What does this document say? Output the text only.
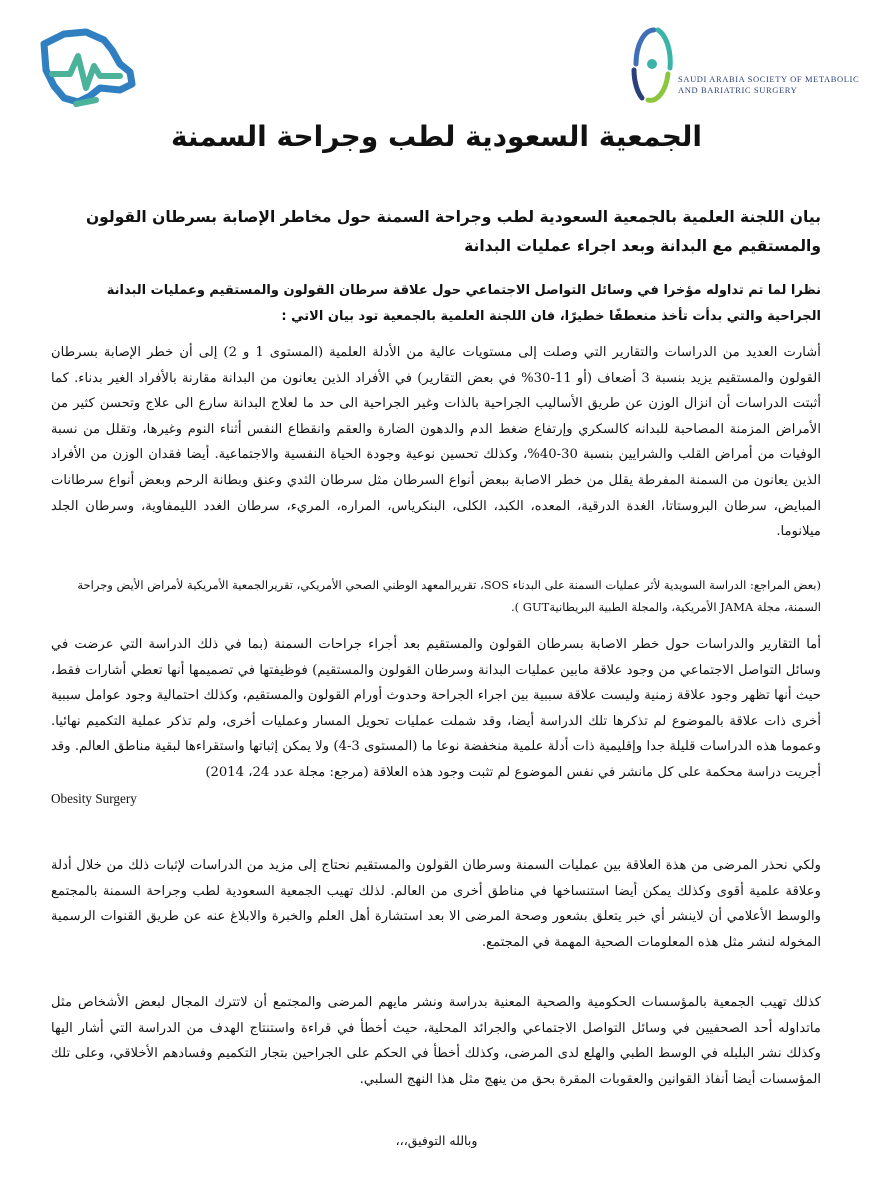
SAUDI ARABIA SOCIETY OF METABOLIC
AND BARIATRIC SURGERY
الجمعية السعودية لطب وجراحة السمنة
بيان اللجنة العلمية بالجمعية السعودية لطب وجراحة السمنة حول مخاطر الإصابة بسرطان القولون والمستقيم مع البدانة وبعد اجراء عمليات البدانة
نظرا لما تم تداوله مؤخرا في وسائل التواصل الاجتماعي حول علاقة سرطان القولون والمستقيم وعمليات البدانة الجراحية والتي بدأت تأخذ منعطفًا خطيرًا، فان اللجنة العلمية بالجمعية تود بيان الاتي :
أشارت العديد من الدراسات والتقارير التي وصلت إلى مستويات عالية من الأدلة العلمية (المستوى 1 و 2) إلى أن خطر الإصابة بسرطان القولون والمستقيم يزيد بنسبة 3 أضعاف (أو 11-30% في بعض التقارير) في الأفراد الذين يعانون من البدانة مقارنة بالأفراد الغير بدناء. كما أثبتت الدراسات أن انزال الوزن عن طريق الأساليب الجراحية بالذات وغير الجراحية الى حد ما لعلاج البدانة سارع الى علاج وتحسن كثير من الأمراض المزمنة المصاحبة للبدانه كالسكري وإرتفاع ضغط الدم والدهون الضارة والعقم وانقطاع النفس أثناء النوم وغيرها، وتقلل من نسبة الوفيات من أمراض القلب والشرايين بنسبة 30-40%، وكذلك تحسين نوعية وجودة الحياة النفسية والاجتماعية. أيضا فقدان الوزن من الأفراد الذين يعانون من السمنة المفرطة يقلل من خطر الاصابة ببعض أنواع السرطان مثل سرطان الثدي وعنق وبطانة الرحم وبعض أنواع سرطانات المبايض، سرطان البروستاتا، الغدة الدرقية، المعده، الكبد، الكلى، البنكرياس، المراره، المريء، سرطان الغدد الليمفاوية، وسرطان الجلد ميلانوما.
(بعض المراجع: الدراسة السويدية لأثر عمليات السمنة على البدناء SOS، تقريرالمعهد الوطني الصحي الأمريكي، تقريرالجمعية الأمريكية لأمراض الأيض وجراحة السمنة، مجلة JAMA الأمريكية، والمجلة الطبية البريطانيةGUT ).
أما التقارير والدراسات حول خطر الاصابة بسرطان القولون والمستقيم بعد أجراء جراحات السمنة (بما في ذلك الدراسة التي عرضت في وسائل التواصل الاجتماعي من وجود علاقة مابين عمليات البدانة وسرطان القولون والمستقيم) فوظيفتها في تصميمها أنها تعطي أشارات فقط، حيث أنها تظهر وجود علاقة زمنية وليست علاقة سببية بين اجراء الجراحة وحدوث أورام القولون والمستقيم، وكذلك احتمالية وجود عوامل سببية أخرى ذات علاقة بالموضوع لم تذكرها تلك الدراسة أيضا، وقد شملت عمليات تحويل المسار وعمليات أخرى، ولم تذكر عملية التكميم نهائيا. وعموما هذه الدراسات قليلة جدا وإقليمية ذات أدلة علمية منخفضة نوعا ما (المستوى 3-4) ولا يمكن إثباتها واستقراءها لبقية مناطق العالم. وقد أجريت دراسة محكمة على كل مانشر في نفس الموضوع لم تثبت وجود هذه العلاقة (مرجع: مجلة عدد 24، 2014)
Obesity Surgery
ولكي نحذر المرضى من هذة العلاقة بين عمليات السمنة وسرطان القولون والمستقيم نحتاج إلى مزيد من الدراسات لإثبات ذلك من خلال أدلة وعلاقة علمية أقوى وكذلك يمكن أيضا استنساخها في مناطق أخرى من العالم. لذلك تهيب الجمعية السعودية لطب وجراحة السمنة بالمجتمع والوسط الأعلامي أن لاينشر أي خبر يتعلق بشعور وصحة المرضى الا بعد استشارة أهل العلم والخبرة والابلاغ عنه عن طريق القنوات الرسمية المخوله لنشر مثل هذه المعلومات الصحية المهمة في المجتمع.
كذلك تهيب الجمعية بالمؤسسات الحكومية والصحية المعنية بدراسة ونشر مايهم المرضى والمجتمع أن لاتترك المجال لبعض الأشخاص مثل ماتداوله أحد الصحفيين في وسائل التواصل الاجتماعي والجرائد المحلية، حيث أخطأ في قراءة واستنتاج الهدف من الدراسة التي أشار اليها وكذلك نشر البلبله في الوسط الطبي والهلع لدى المرضى، وكذلك أخطأ في الحكم على الجراحين بتجار التكميم وفسادهم الأخلاقي، وعلى تلك المؤسسات أيضا أنفاذ القوانين والعقوبات المقرة بحق من ينهج مثل هذا النهج السلبي.
وبالله التوفيق،،،
